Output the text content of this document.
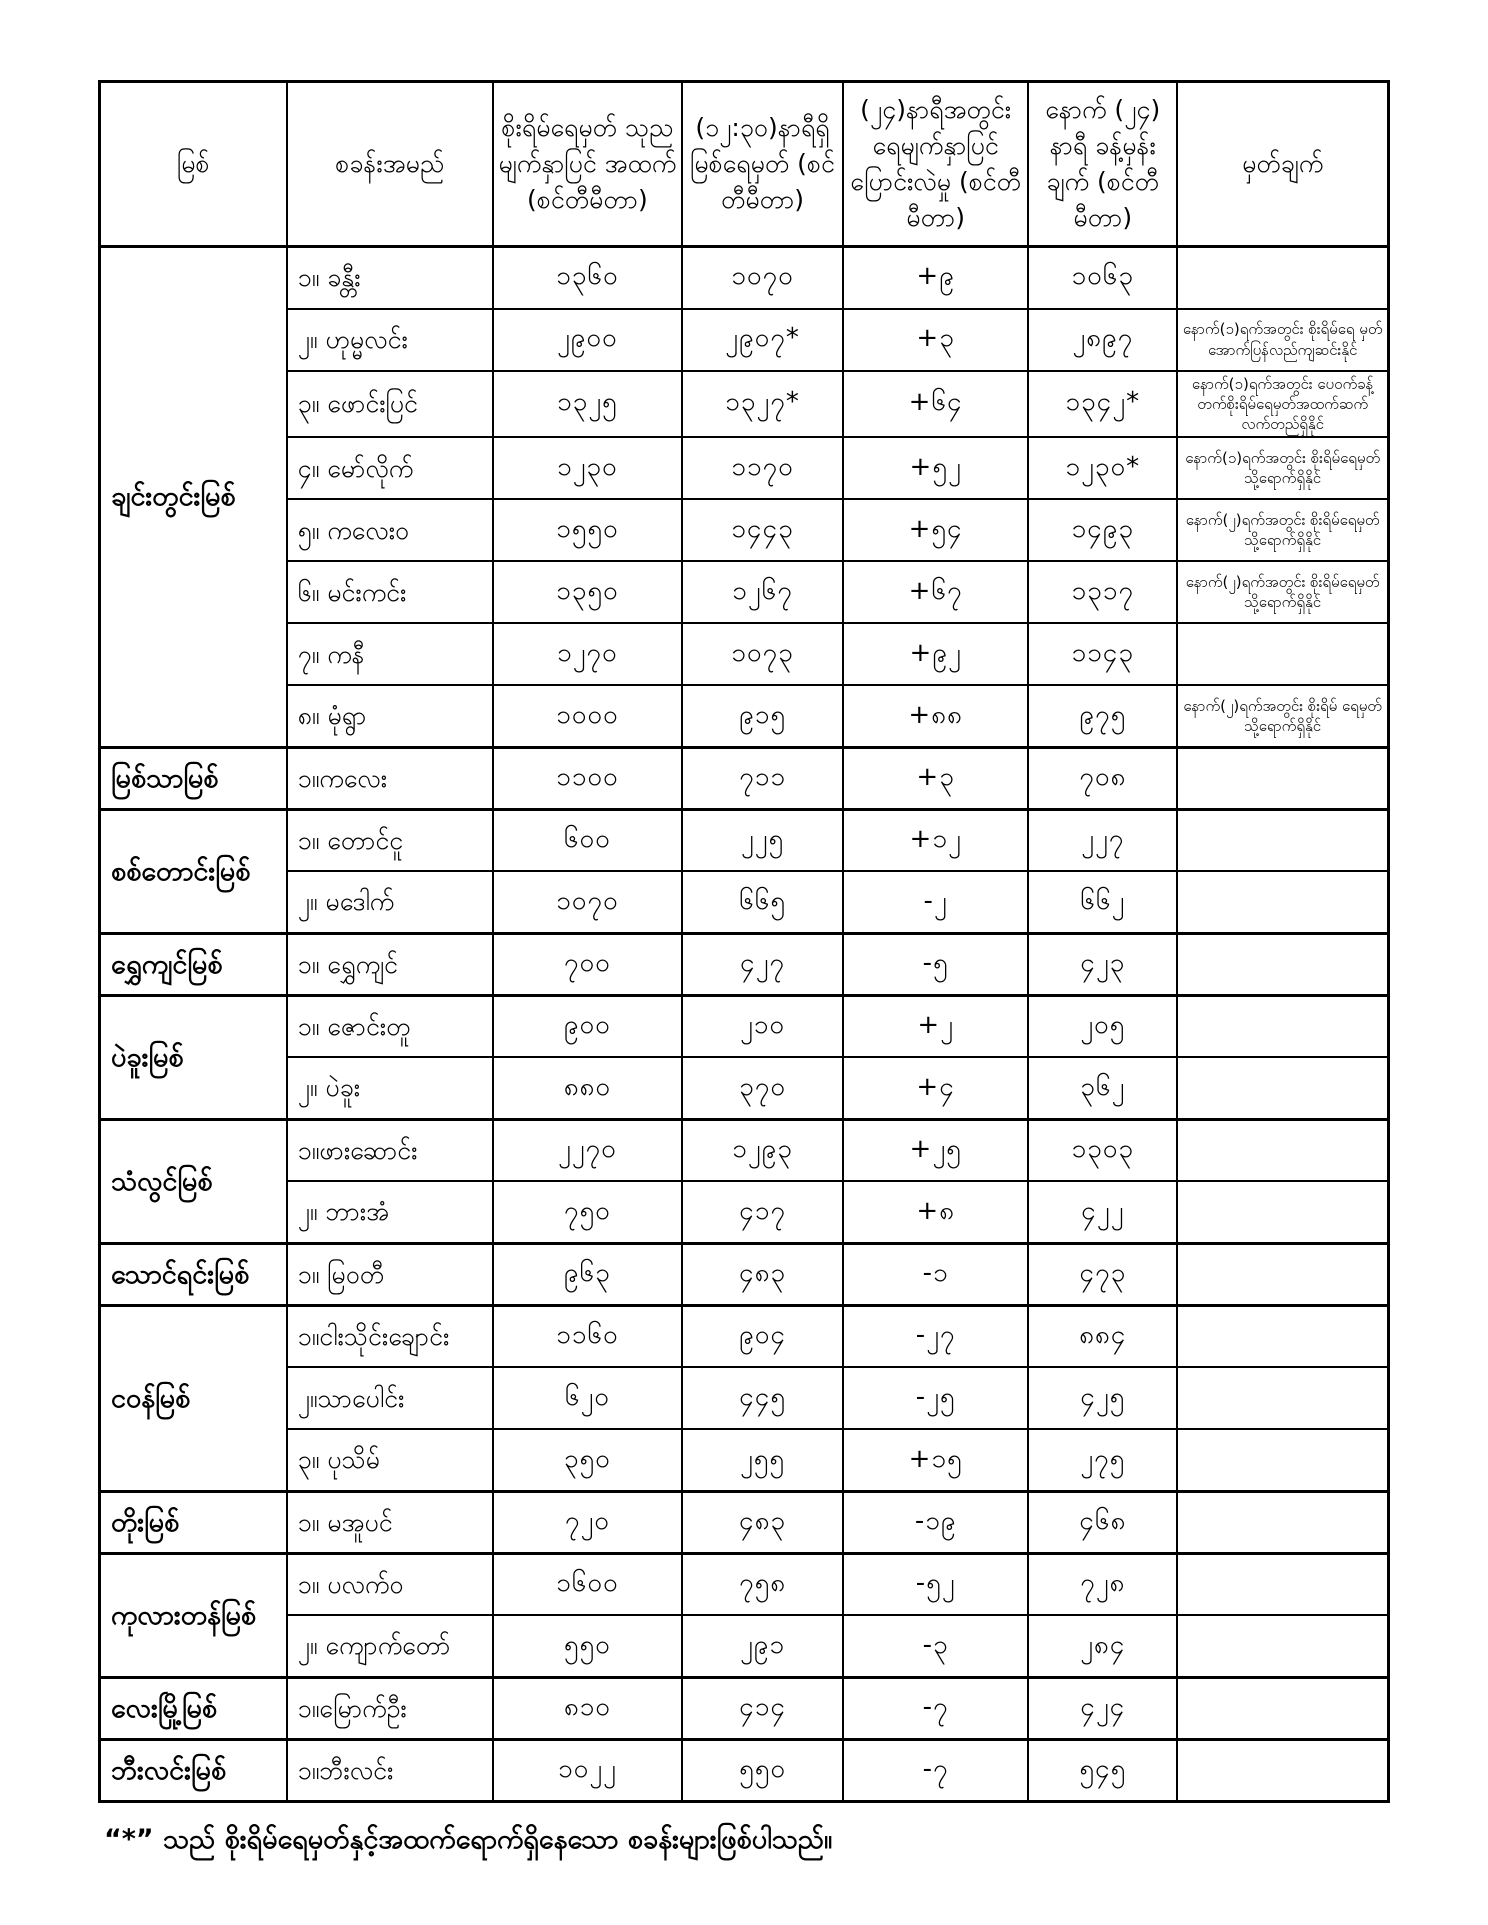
မြစ်	စခန်းအမည်	စိုးရိမ်ရေမှတ် သုညမျက်နှာပြင် အထက် (စင်တီမီတာ)	(၁၂:၃၀)နာရီရှိ မြစ်ရေမှတ် (စင်တီမီတာ)	(၂၄)နာရီအတွင်း ရေမျက်နှာပြင် ပြောင်းလဲမှု (စင်တီမီတာ)	နောက် (၂၄) နာရီ ခန့်မှန်းချက် (စင်တီမီတာ)	မှတ်ချက်
ချင်းတွင်းမြစ်	၁။ ခန္တီး	၁၃၆၀	၁၀၇၀	+၉	၁၀၆၃	
	၂။ ဟုမ္မလင်း	၂၉၀၀	၂၉၀၇*	+၃	၂၈၉၇	နောက်(၁)ရက်အတွင်း စိုးရိမ်ရေ မှတ် အောက်ပြန်လည်ကျဆင်းနိုင်
	၃။ ဖောင်းပြင်	၁၃၂၅	၁၃၂၇*	+၆၄	၁၃၄၂*	နောက်(၁)ရက်အတွင်း ပေဝက်ခန့် တက်စိုးရိမ်ရေမှတ်အထက်ဆက် လက်တည်ရှိနိုင်
	၄။ မော်လိုက်	၁၂၃၀	၁၁၇၀	+၅၂	၁၂၃၀*	နောက်(၁)ရက်အတွင်း စိုးရိမ်ရေမှတ်သို့ရောက်ရှိနိုင်
	၅။ ကလေးဝ	၁၅၅၀	၁၄၄၃	+၅၄	၁၄၉၃	နောက်(၂)ရက်အတွင်း စိုးရိမ်ရေမှတ်သို့ရောက်ရှိနိုင်
	၆။ မင်းကင်း	၁၃၅၀	၁၂၆၇	+၆၇	၁၃၁၇	နောက်(၂)ရက်အတွင်း စိုးရိမ်ရေမှတ်သို့ရောက်ရှိနိုင်
	၇။ ကနီ	၁၂၇၀	၁၀၇၃	+၉၂	၁၁၄၃	
	၈။ မုံရွာ	၁၀၀၀	၉၁၅	+၈၈	၉၇၅	နောက်(၂)ရက်အတွင်း စိုးရိမ် ရေမှတ်သို့ရောက်ရှိနိုင်
မြစ်သာမြစ်	၁။ကလေး	၁၁၀၀	၇၁၁	+၃	၇၀၈	
စစ်တောင်းမြစ်	၁။ တောင်ငူ	၆၀၀	၂၂၅	+၁၂	၂၂၇	
	၂။ မဒေါက်	၁၀၇၀	၆၆၅	-၂	၆၆၂	
ရွှေကျင်မြစ်	၁။ ရွှေကျင်	၇၀၀	၄၂၇	-၅	၄၂၃	
ပဲခူးမြစ်	၁။ ဇောင်းတူ	၉၀၀	၂၁၀	+၂	၂၀၅	
	၂။ ပဲခူး	၈၈၀	၃၇၀	+၄	၃၆၂	
သံလွင်မြစ်	၁။ဖားဆောင်း	၂၂၇၀	၁၂၉၃	+၂၅	၁၃၀၃	
	၂။ ဘားအံ	၇၅၀	၄၁၇	+၈	၄၂၂	
သောင်ရင်းမြစ်	၁။ မြဝတီ	၉၆၃	၄၈၃	-၁	၄၇၃	
ငဝန်မြစ်	၁။ငါးသိုင်းချောင်း	၁၁၆၀	၉၀၄	-၂၇	၈၈၄	
	၂။သာပေါင်း	၆၂၀	၄၄၅	-၂၅	၄၂၅	
	၃။ ပုသိမ်	၃၅၀	၂၅၅	+၁၅	၂၇၅	
တိုးမြစ်	၁။ မအူပင်	၇၂၀	၄၈၃	-၁၉	၄၆၈	
ကုလားတန်မြစ်	၁။ ပလက်ဝ	၁၆၀၀	၇၅၈	-၅၂	၇၂၈	
	၂။ ကျောက်တော်	၅၅၀	၂၉၁	-၃	၂၈၄	
လေးမြို့မြစ်	၁။မြောက်ဦး	၈၁၀	၄၁၄	-၇	၄၂၄	
ဘီးလင်းမြစ်	၁။ဘီးလင်း	၁၀၂၂	၅၅၀	-၇	၅၄၅	
“*” သည် စိုးရိမ်ရေမှတ်နှင့်အထက်ရောက်ရှိနေသော စခန်းများဖြစ်ပါသည်။
